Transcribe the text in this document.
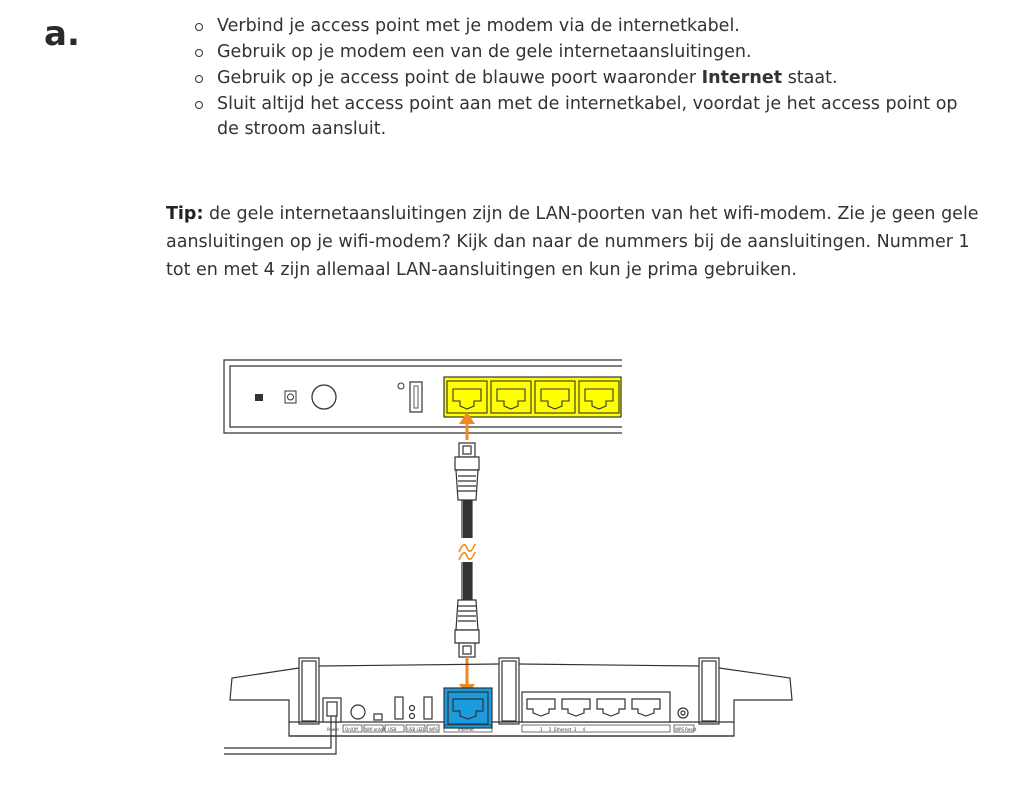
a.	Verbind je access point met je modem via de internetkabel.
Gebruik op je modem een van de gele internetaansluitingen.
Gebruik op je access point de blauwe poort waaronder Internet staat.
Sluit altijd het access point aan met de internetkabel, voordat je het access point op de stroom aansluit.
Tip: de gele internetaansluitingen zijn de LAN-poorten van het wifi-modem. Zie je geen gele aansluitingen op je wifi-modem? Kijk dan naar de nummers bij de aansluitingen. Nummer 1 tot en met 4 zijn allemaal LAN-aansluitingen en kun je prima gebruiken.
Power On/Off Wifi on/off USB	USB LED WPS	Internet	1     2  Ethernet  3     4	WPS Reset
